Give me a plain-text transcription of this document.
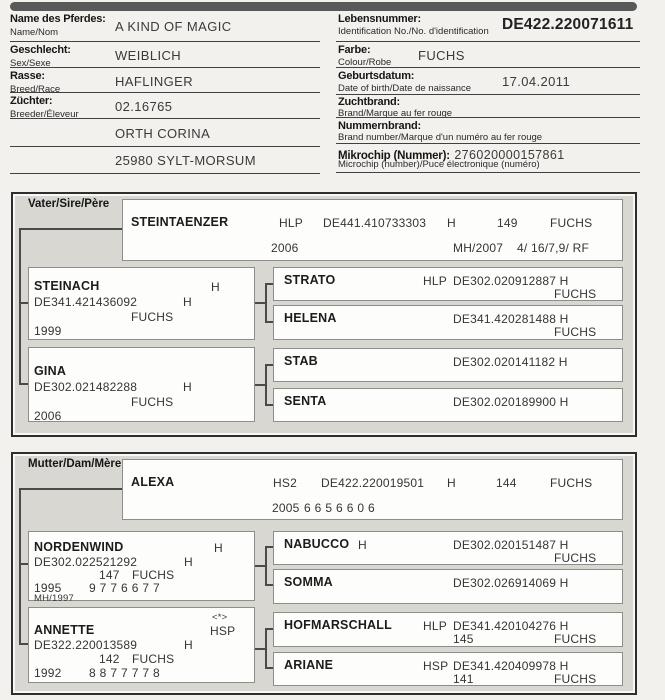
Name des Pferdes:
Name/Nom	A KIND OF MAGIC
Geschlecht:
Sex/Sexe
WEIBLICH
Rasse:
Breed/Race
HAFLINGER
Züchter:
Breeder/Éleveur
02.16765
ORTH CORINA
25980 SYLT-MORSUM
Lebensnummer:
Identification No./No. d'identification DE422.220071611
Farbe:
Colour/Robe FUCHS
Geburtsdatum:
Date of birth/Date de naissance 17.04.2011
Zuchtbrand:
Brand/Marque au fer rouge
Nummernbrand:
Brand number/Marque d'un numéro au fer rouge
Mikrochip (Nummer): 276020000157861
Microchip (number)/Puce électronique (numéro)
Vater/Sire/Père
STEINTAENZER	HLP DE441.410733303 H	149	FUCHS
2006	MH/2007 4/ 16/7,9/ RF
STEINACH	H
DE341.421436092	H
FUCHS
1999
GINA
DE302.021482288	H
FUCHS
2006
STRATO	HLP DE302.020912887 H
FUCHS
HELENA	DE341.420281488 H
FUCHS
STAB	DE302.020141182 H
SENTA	DE302.020189900 H
Mutter/Dam/Mère
ALEXA	HS2 DE422.220019501 H	144	FUCHS
2005 6656606
NORDENWIND	H
DE302.022521292	H
147 FUCHS
1995 9776677
MH/1997
<*>
ANNETTE	HSP
DE322.220013589	H
142 FUCHS
1992 8877778
NABUCCO H	DE302.020151487 H
FUCHS
SOMMA	DE302.026914069 H
HOFMARSCHALL	HLP DE341.420104276 H
145	FUCHS
ARIANE	HSP DE341.420409978 H
141	FUCHS
